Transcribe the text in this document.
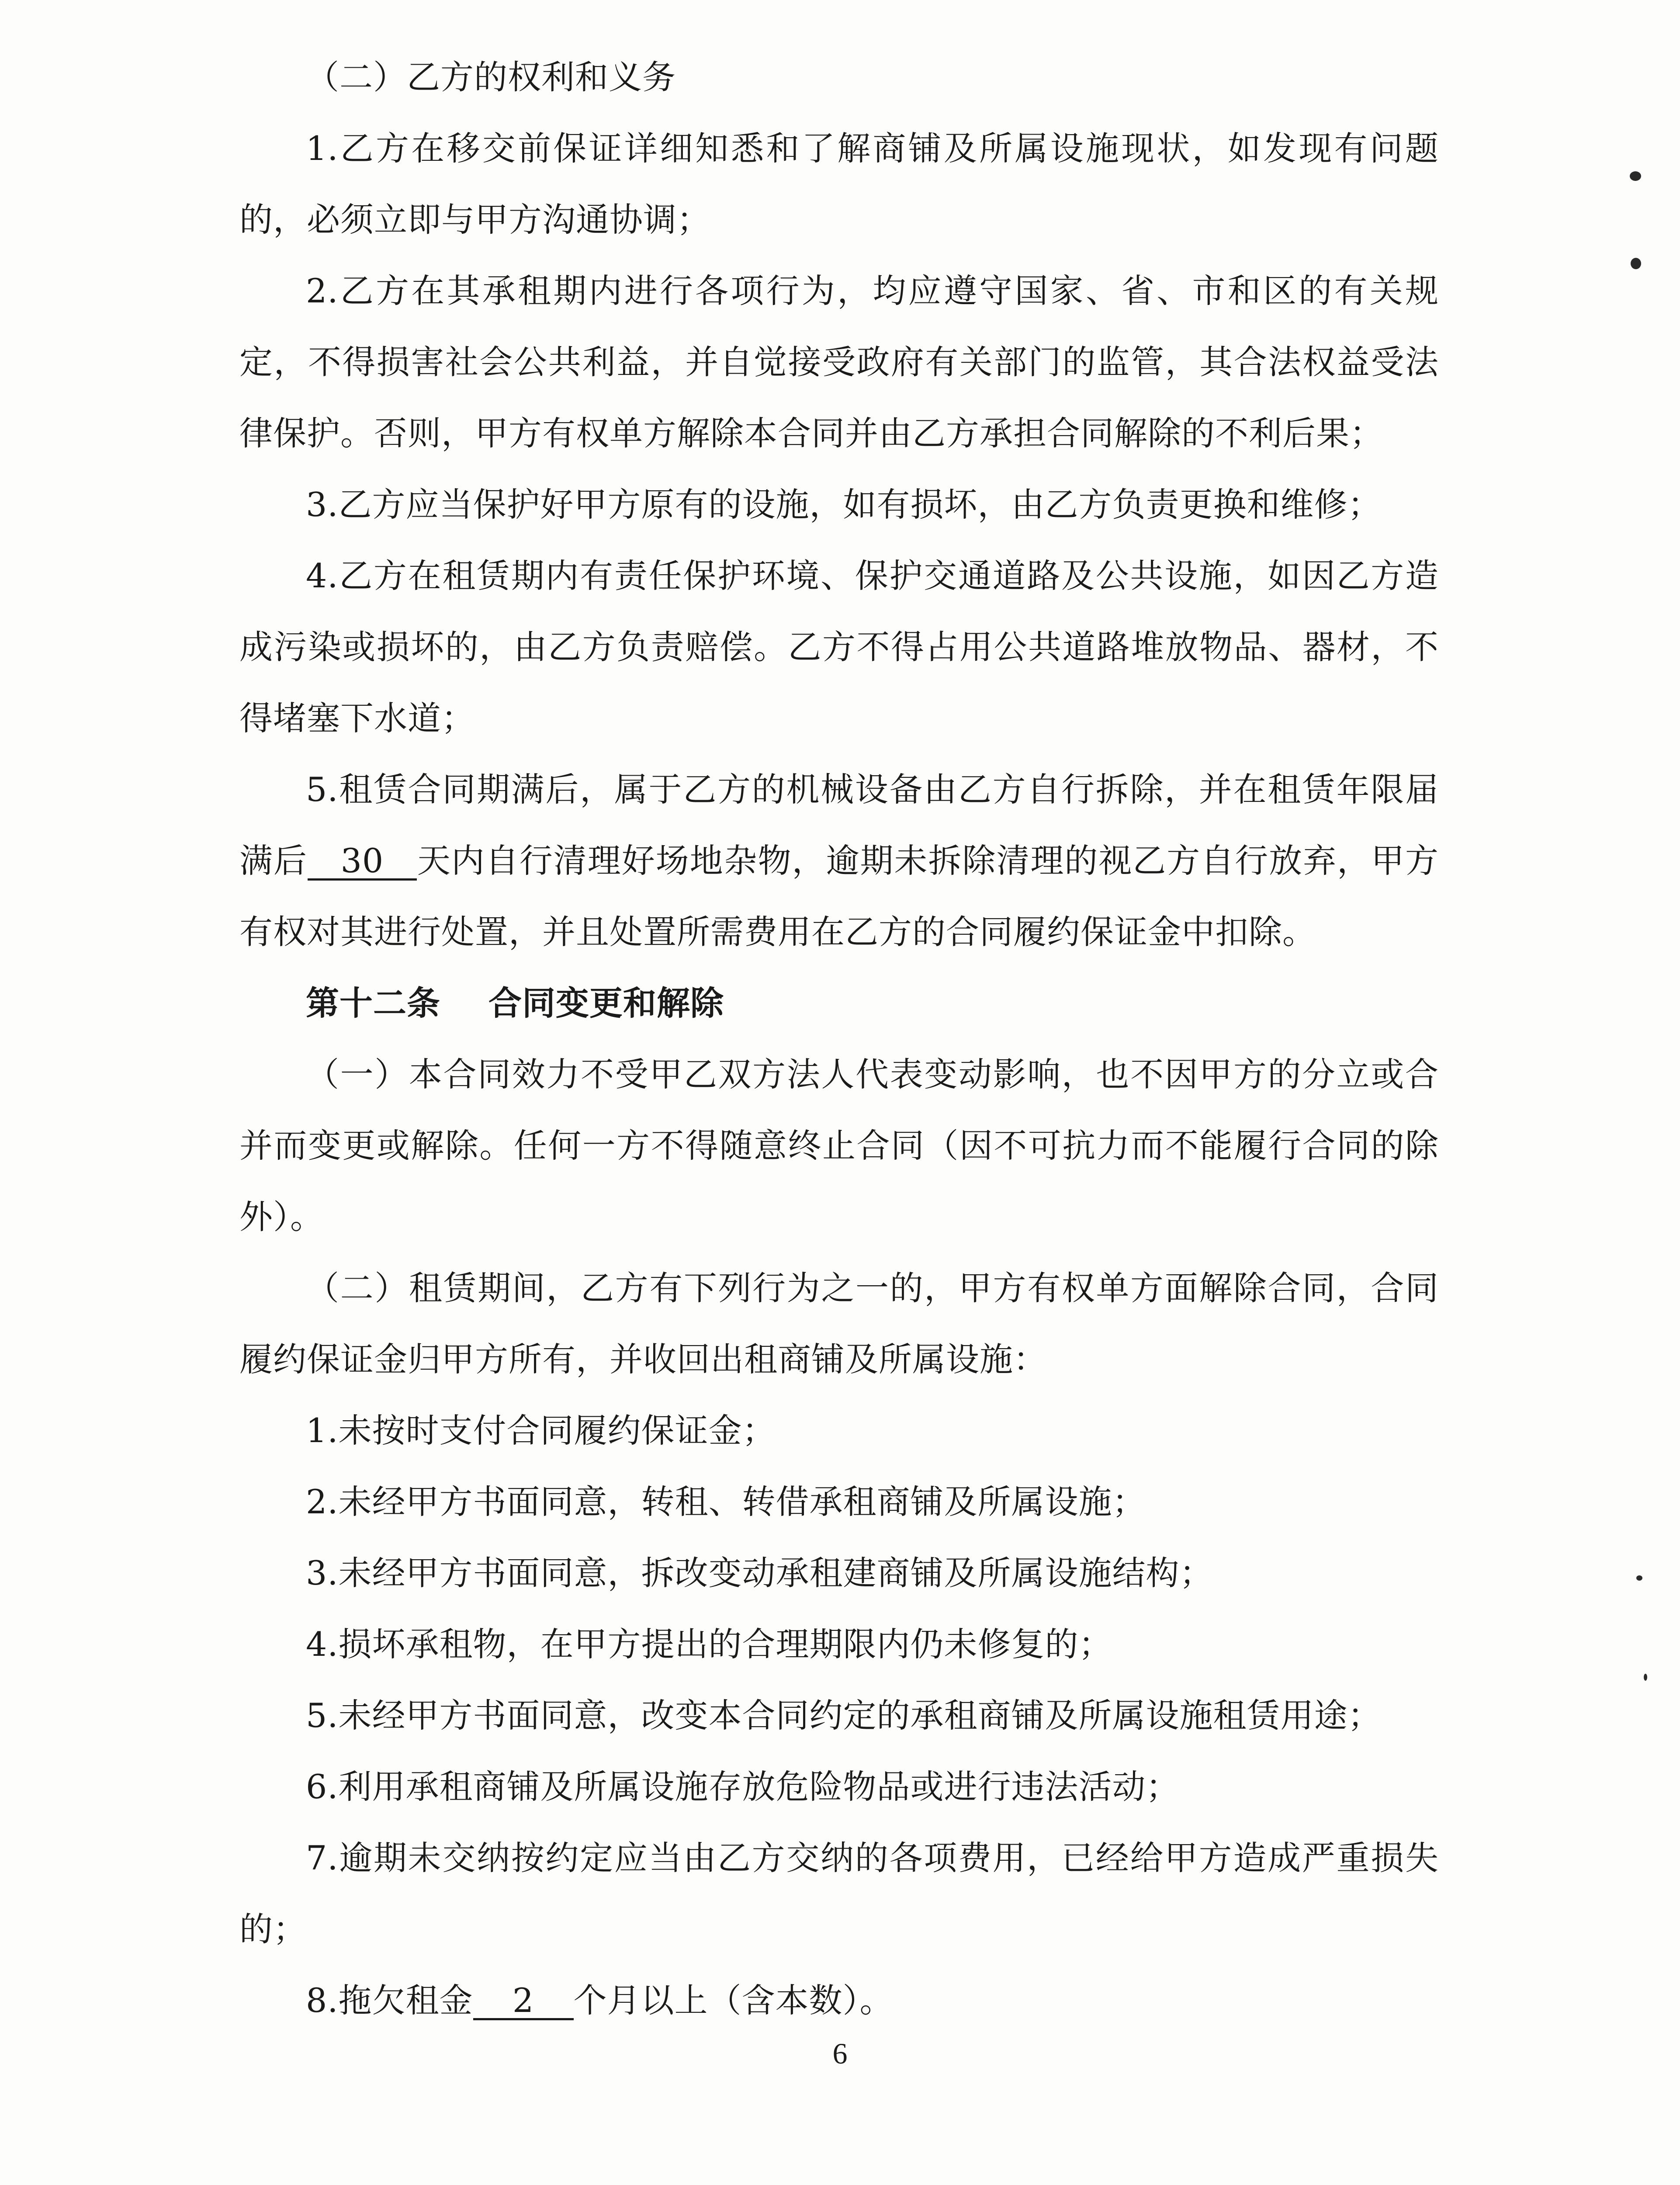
（二）乙方的权利和义务

1.乙方在移交前保证详细知悉和了解商铺及所属设施现状，如发现有问题的，必须立即与甲方沟通协调；

2.乙方在其承租期内进行各项行为，均应遵守国家、省、市和区的有关规定，不得损害社会公共利益，并自觉接受政府有关部门的监管，其合法权益受法律保护。否则，甲方有权单方解除本合同并由乙方承担合同解除的不利后果；

3.乙方应当保护好甲方原有的设施，如有损坏，由乙方负责更换和维修；

4.乙方在租赁期内有责任保护环境、保护交通道路及公共设施，如因乙方造成污染或损坏的，由乙方负责赔偿。乙方不得占用公共道路堆放物品、器材，不得堵塞下水道；

5.租赁合同期满后，属于乙方的机械设备由乙方自行拆除，并在租赁年限届满后 30 天内自行清理好场地杂物，逾期未拆除清理的视乙方自行放弃，甲方有权对其进行处置，并且处置所需费用在乙方的合同履约保证金中扣除。

第十二条 合同变更和解除

（一）本合同效力不受甲乙双方法人代表变动影响，也不因甲方的分立或合并而变更或解除。任何一方不得随意终止合同（因不可抗力而不能履行合同的除外）。

（二）租赁期间，乙方有下列行为之一的，甲方有权单方面解除合同，合同履约保证金归甲方所有，并收回出租商铺及所属设施：

1.未按时支付合同履约保证金；

2.未经甲方书面同意，转租、转借承租商铺及所属设施；

3.未经甲方书面同意，拆改变动承租建商铺及所属设施结构；

4.损坏承租物，在甲方提出的合理期限内仍未修复的；

5.未经甲方书面同意，改变本合同约定的承租商铺及所属设施租赁用途；

6.利用承租商铺及所属设施存放危险物品或进行违法活动；

7.逾期未交纳按约定应当由乙方交纳的各项费用，已经给甲方造成严重损失的；

8.拖欠租金 2 个月以上（含本数）。

6
